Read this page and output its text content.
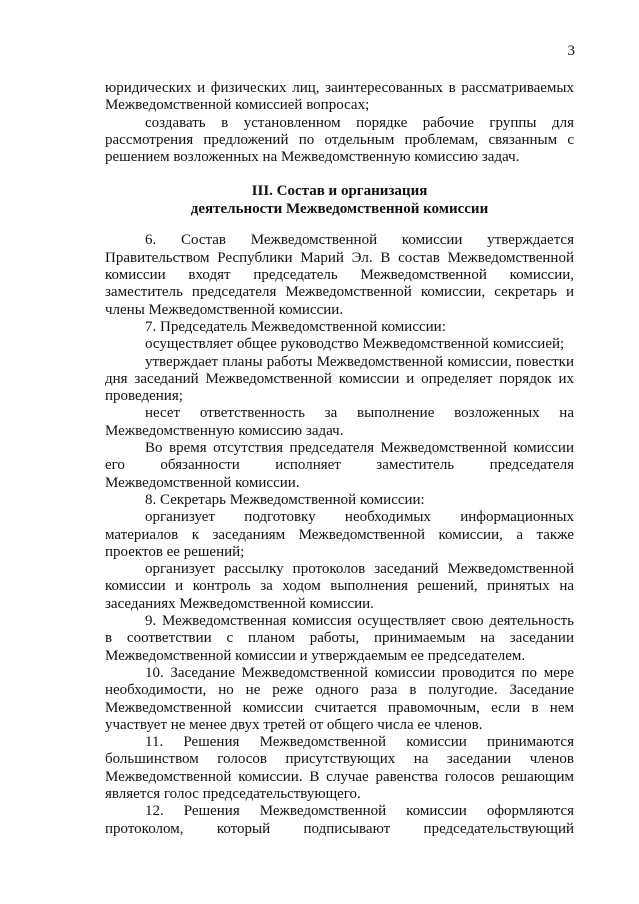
3

юридических и физических лиц, заинтересованных в рассматриваемых Межведомственной комиссией вопросах;

создавать в установленном порядке рабочие группы для рассмотрения предложений по отдельным проблемам, связанным с решением возложенных на Межведомственную комиссию задач.

III. Состав и организация
деятельности Межведомственной комиссии

6. Состав Межведомственной комиссии утверждается Правительством Республики Марий Эл. В состав Межведомственной комиссии входят председатель Межведомственной комиссии, заместитель председателя Межведомственной комиссии, секретарь и члены Межведомственной комиссии.

7. Председатель Межведомственной комиссии:

осуществляет общее руководство Межведомственной комиссией;

утверждает планы работы Межведомственной комиссии, повестки дня заседаний Межведомственной комиссии и определяет порядок их проведения;

несет ответственность за выполнение возложенных на Межведомственную комиссию задач.

Во время отсутствия председателя Межведомственной комиссии его обязанности исполняет заместитель председателя Межведомственной комиссии.

8. Секретарь Межведомственной комиссии:

организует подготовку необходимых информационных материалов к заседаниям Межведомственной комиссии, а также проектов ее решений;

организует рассылку протоколов заседаний Межведомственной комиссии и контроль за ходом выполнения решений, принятых на заседаниях Межведомственной комиссии.

9. Межведомственная комиссия осуществляет свою деятельность в соответствии с планом работы, принимаемым на заседании Межведомственной комиссии и утверждаемым ее председателем.

10. Заседание Межведомственной комиссии проводится по мере необходимости, но не реже одного раза в полугодие. Заседание Межведомственной комиссии считается правомочным, если в нем участвует не менее двух третей от общего числа ее членов.

11. Решения Межведомственной комиссии принимаются большинством голосов присутствующих на заседании членов Межведомственной комиссии. В случае равенства голосов решающим является голос председательствующего.

12. Решения Межведомственной комиссии оформляются протоколом, который подписывают председательствующий
